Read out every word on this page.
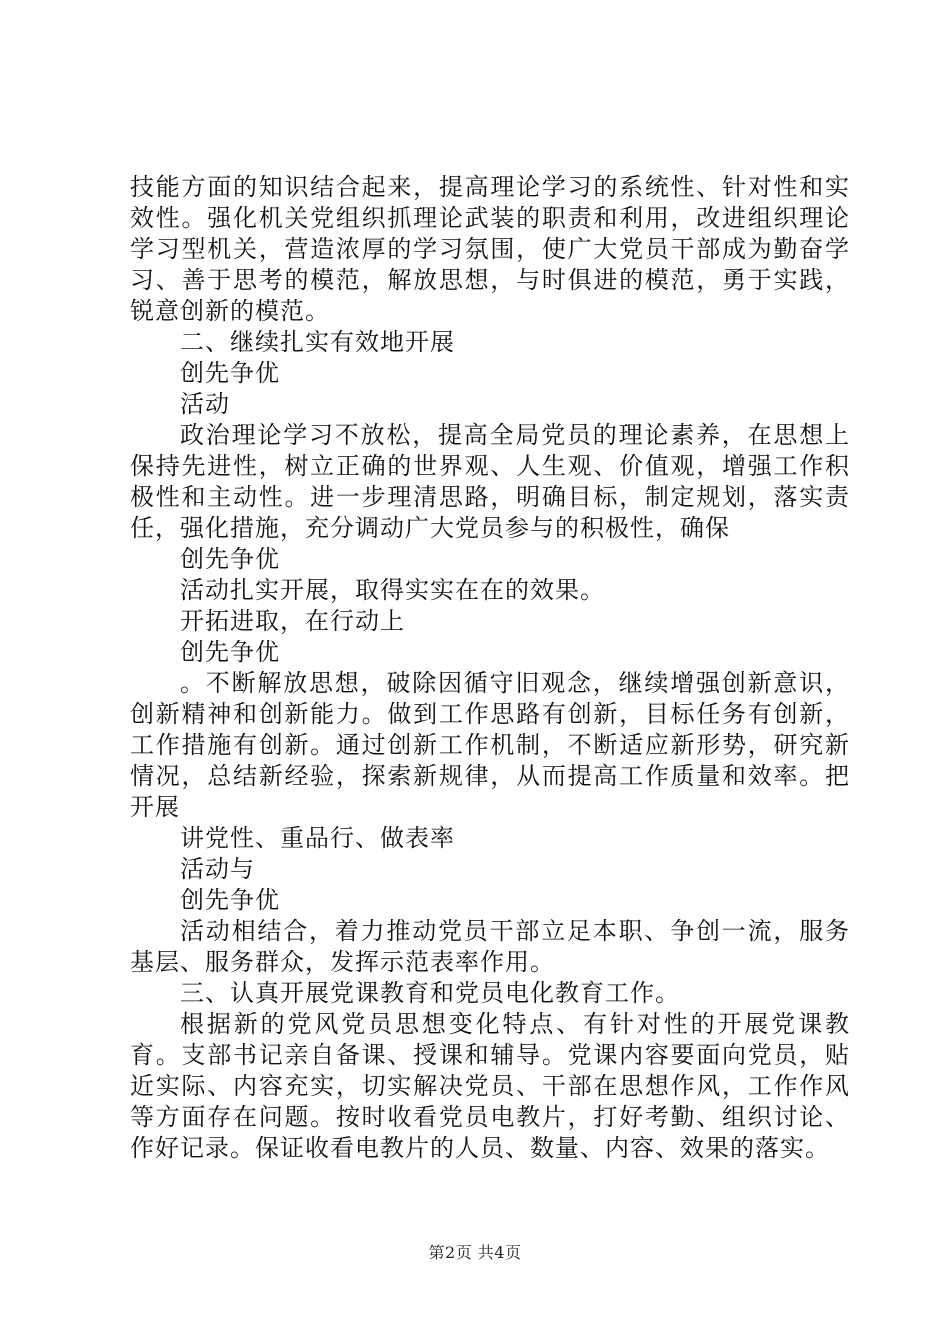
技能方面的知识结合起来，提高理论学习的系统性、针对性和实效性。强化机关党组织抓理论武装的职责和利用，改进组织理论学习型机关，营造浓厚的学习氛围，使广大党员干部成为勤奋学习、善于思考的模范，解放思想，与时俱进的模范，勇于实践，锐意创新的模范。

二、继续扎实有效地开展

创先争优

活动

政治理论学习不放松，提高全局党员的理论素养，在思想上保持先进性，树立正确的世界观、人生观、价值观，增强工作积极性和主动性。进一步理清思路，明确目标，制定规划，落实责任，强化措施，充分调动广大党员参与的积极性，确保

创先争优

活动扎实开展，取得实实在在的效果。

开拓进取，在行动上

创先争优

。不断解放思想，破除因循守旧观念，继续增强创新意识，创新精神和创新能力。做到工作思路有创新，目标任务有创新，工作措施有创新。通过创新工作机制，不断适应新形势，研究新情况，总结新经验，探索新规律，从而提高工作质量和效率。把开展

讲党性、重品行、做表率

活动与

创先争优

活动相结合，着力推动党员干部立足本职、争创一流，服务基层、服务群众，发挥示范表率作用。

三、认真开展党课教育和党员电化教育工作。

根据新的党风党员思想变化特点、有针对性的开展党课教育。支部书记亲自备课、授课和辅导。党课内容要面向党员，贴近实际、内容充实，切实解决党员、干部在思想作风，工作作风等方面存在问题。按时收看党员电教片，打好考勤、组织讨论、作好记录。保证收看电教片的人员、数量、内容、效果的落实。

第2页 共4页
